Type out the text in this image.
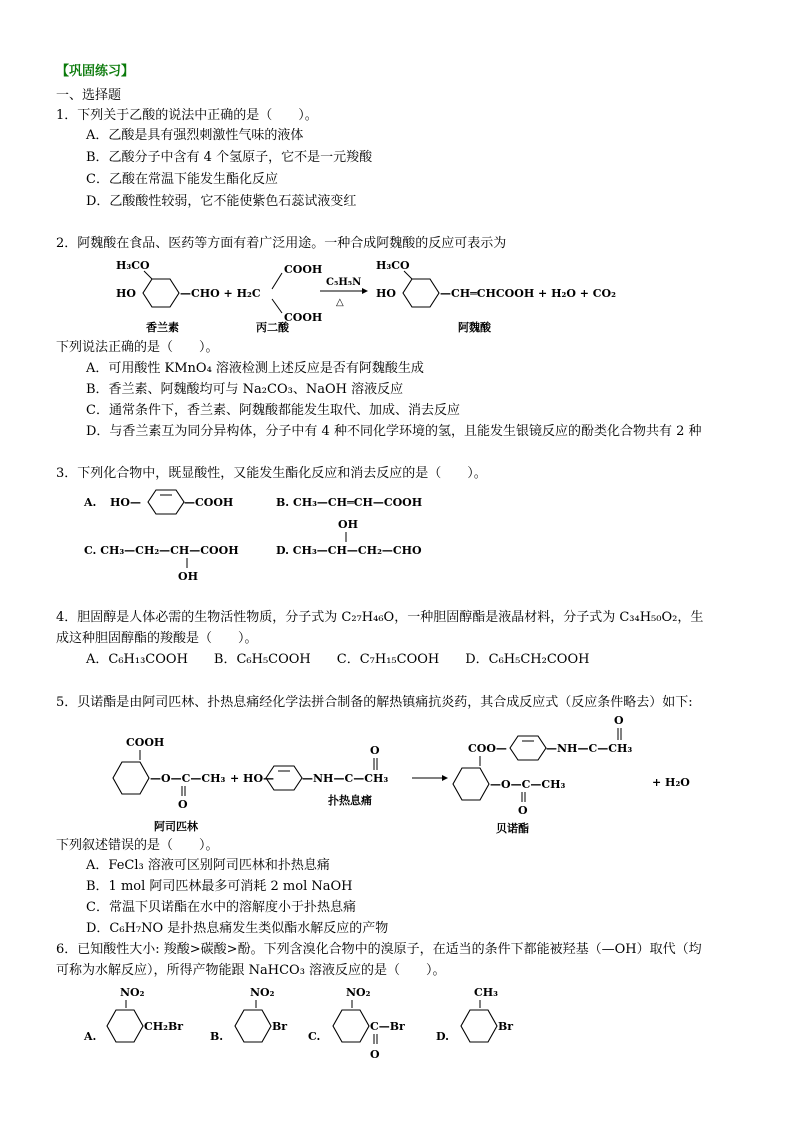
【巩固练习】
一、选择题
1．下列关于乙酸的说法中正确的是（　　）。
A．乙酸是具有强烈刺激性气味的液体
B．乙酸分子中含有 4 个氢原子，它不是一元羧酸
C．乙酸在常温下能发生酯化反应
D．乙酸酸性较弱，它不能使紫色石蕊试液变红
2．阿魏酸在食品、医药等方面有着广泛用途。一种合成阿魏酸的反应可表示为
H₃CO
HO	—CHO + H₂C
COOH
COOH
C₅H₅N
△
H₃CO
HO	—CH═CHCOOH + H₂O + CO₂
香兰素	丙二酸	阿魏酸
下列说法正确的是（　　）。
A．可用酸性 KMnO₄ 溶液检测上述反应是否有阿魏酸生成
B．香兰素、阿魏酸均可与 Na₂CO₃、NaOH 溶液反应
C．通常条件下，香兰素、阿魏酸都能发生取代、加成、消去反应
D．与香兰素互为同分异构体，分子中有 4 种不同化学环境的氢，且能发生银镜反应的酚类化合物共有 2 种
3．下列化合物中，既显酸性，又能发生酯化反应和消去反应的是（　　）。
A. HO—	—COOH	B. CH₃—CH═CH—COOH
OH
C. CH₃—CH₂—CH—COOH
OH
D. CH₃—CH—CH₂—CHO
4．胆固醇是人体必需的生物活性物质，分子式为 C₂₇H₄₆O，一种胆固醇酯是液晶材料，分子式为 C₃₄H₅₀O₂，生
成这种胆固醇酯的羧酸是（　　）。
A．C₆H₁₃COOH　　B．C₆H₅COOH　　C．C₇H₁₅COOH　　D．C₆H₅CH₂COOH
5．贝诺酯是由阿司匹林、扑热息痛经化学法拼合制备的解热镇痛抗炎药，其合成反应式（反应条件略去）如下:
COOH
—O—C—CH₃
O
阿司匹林
+ HO—	—NH—C—CH₃
O
扑热息痛
COO—	—NH—C—CH₃
O
—O—C—CH₃
O
贝诺酯
+ H₂O
下列叙述错误的是（　　）。
A．FeCl₃ 溶液可区别阿司匹林和扑热息痛
B．1 mol 阿司匹林最多可消耗 2 mol NaOH
C．常温下贝诺酯在水中的溶解度小于扑热息痛
D．C₆H₇NO 是扑热息痛发生类似酯水解反应的产物
6．已知酸性大小: 羧酸>碳酸>酚。下列含溴化合物中的溴原子，在适当的条件下都能被羟基（—OH）取代（均
可称为水解反应），所得产物能跟 NaHCO₃ 溶液反应的是（　　）。
NO₂
CH₂Br
A.
NO₂
Br
B.
NO₂
C—Br
O
C.
CH₃
Br
D.
